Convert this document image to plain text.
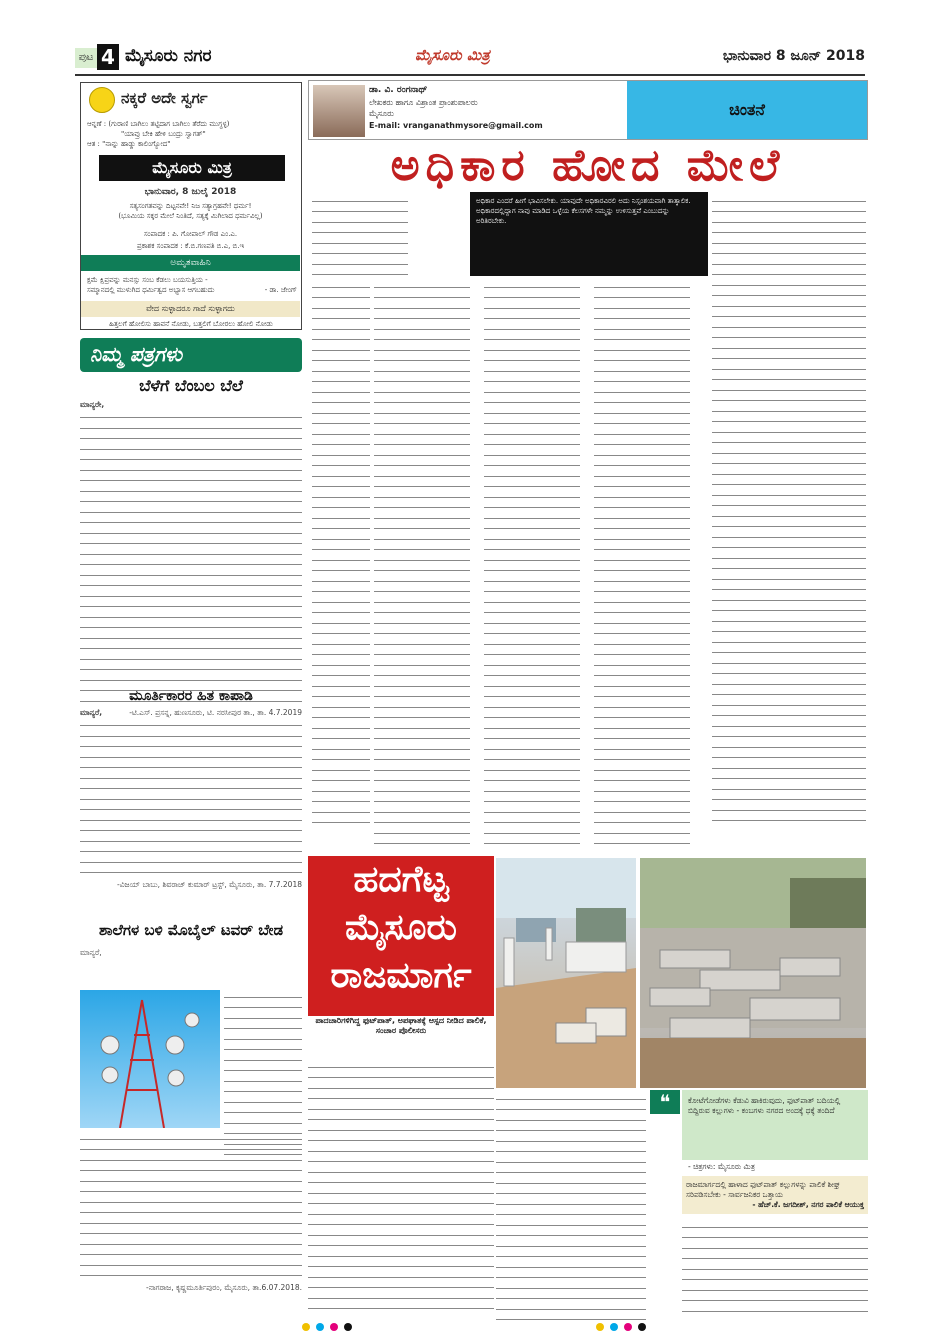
ಪುಟ 4 ಮೈಸೂರು ನಗರ	ಮೈಸೂರು ಮಿತ್ರ	ಭಾನುವಾರ 8 ಜೂನ್ 2018
ನಕ್ಕರೆ ಅದೇ ಸ್ವರ್ಗ
ಆನ್ನಣೆ : (ಗುರಾಣಿ ಬಾಗಿಲು ತಟ್ಟಿದಾಗ ಬಾಗಿಲು ತೆರೆದು ಮುಗ್ಧಳ್ಳ)
"ಯಾವ್ರು ಬೇಕಿ ಹೇಳಿ ಬಂದ್ರು ಸ್ವಾಗತ್"
ಆತ : "ನಾನ್ನು ಹಾಡ್ಡು ಕಾಲಿಂಗ್ಯೋದ"
ಮೈಸೂರು ಮಿತ್ರ
ಭಾನುವಾರ, 8 ಜುಲೈ 2018
ಸತ್ಯಸಂಗತವನ್ನು ದಿಟ್ಟನವೇ! ನಿಜ ಸತ್ಯಾಗ್ರಹವೇ! ಧರ್ಮ!
(ಭೂಮಿಯ ಸಕ್ಕರ ಮೇಲೆ ನಿಂತಿದೆ, ಸತ್ಯಕ್ಕೆ ಮಿಗಿಲಾದ ಧರ್ಮವಿಲ್ಲ)
ಸಂಪಾದಕ : ಪಿ. ಗೋಪಾಲ್ ಗೌಡ ಎಂ.ಎ.
ಪ್ರಕಾಶಕ ಸಂಪಾದಕ : ಕೆ.ಬಿ.ಗಣಪತಿ ಬಿ.ಎ, ಬಿ.ಇ
ಅಮೃತವಾಹಿನಿ
ಕ್ಷಮೆ ಕ್ಷಿಪ್ರವನ್ನು ಮನಸ್ಸು ಸಂಬ ಕೆಡಲು ಬಯಸುತ್ತಿಯ - ಸಮ್ಮಾನದಲ್ಲಿ ಮುಳುಗಿದ ಧರ್ಮಿತ್ವದ ಅಭ್ಯಾಸ ಆಗಬಹುದು	- ಡಾ. ಜೇಂಗ್
ವೇದ ಸುಳ್ಳಾದರೂ ಗಾದೆ ಸುಳ್ಳಾಗದು
ಹಿತ್ತಲಗೆ ಹೋಲಿಸು ಹಾವನೆ ನೋಡು, ಬತ್ತಲಿಗೆ ಬೋರಲು ಹೋಲಿ ನೋಡು
ನಿಮ್ಮ ಪತ್ರಗಳು
ಬೆಳೆಗೆ ಬೆಂಬಲ ಬೆಲೆ
ಮಾನ್ಯರೇ,
-ಟಿ.ಎಸ್. ಪ್ರಸನ್ನ, ಹುಣಸೂರು, ಟಿ. ನರಸೀಪುರ ತಾ., ತಾ. 4.7.2019
ಮೂರ್ತಿಕಾರರ ಹಿತ ಕಾಪಾಡಿ
ಮಾನ್ಯರೆ,
-ವಿಜಯ್ ಬಾಬು, ಶಿವರಾಜ್ ಕುಮಾರ್ ಟ್ರಸ್ಟ್, ಮೈಸೂರು, ತಾ. 7.7.2018
ಶಾಲೆಗಳ ಬಳಿ ಮೊಬೈಲ್ ಟವರ್ ಬೇಡ
ಮಾನ್ಯರೆ,
-ನಾಗರಾಜ, ಕೃಷ್ಣಮೂರ್ತಿಪುರಂ, ಮೈಸೂರು, ತಾ.6.07.2018.
ಡಾ. ವಿ. ರಂಗನಾಥ್
ಲೇಖಕರು ಹಾಗೂ ವಿಶ್ರಾಂತ ಪ್ರಾಂಶುಪಾಲರು
ಮೈಸೂರು
E-mail: vranganathmysore@gmail.com
ಚಿಂತನೆ
ಅಧಿಕಾರ ಹೋದ ಮೇಲೆ
ಅಧಿಕಾರ ಎಂದರೆ ಹೀಗೆ ಭಾವಿಸಲೇಕು. ಯಾವುದೇ ಅಧಿಕಾರವಿರಲಿ ಅದು ನಿಸ್ಸಂಶಯವಾಗಿ ತಾತ್ಕಾಲಿಕ. ಅಧಿಕಾರದಲ್ಲಿದ್ದಾಗ ನಾವು ಮಾಡಿದ ಒಳ್ಳೆಯ ಕೆಲಸಗಳೇ ನಮ್ಮನ್ನು ಉಳಿಸುತ್ತವೆ ಎಂಬುದನ್ನು ಅರಿತಿರಬೇಕು.
ಹದಗೆಟ್ಟ ಮೈಸೂರು ರಾಜಮಾರ್ಗ
ಪಾದಚಾರಿಗಳಿಗಿದ್ದ ಫುಟ್‌ಪಾತ್, ಅಪಘಾತಕ್ಕೆ ಆಸ್ಪದ ನೀಡಿದ ಪಾಲಿಕೆ, ಸಂಚಾರ ಪೊಲೀಸರು
❝	ಕೋಟೆಗೋಡೆಗಳು ಕೆಡುವಿ ಹಾಕಿರುವುದು, ಫುಟ್‌ಪಾತ್ ಬದಿಯಲ್ಲಿ ಬಿದ್ದಿರುವ ಕಲ್ಲುಗಳು - ಕಂಬಗಳು ನಗರದ ಅಂದಕ್ಕೆ ಧಕ್ಕೆ ತಂದಿದೆ
- ಚಿತ್ರಗಳು: ಮೈಸೂರು ಮಿತ್ರ
ರಾಜಮಾರ್ಗದಲ್ಲಿ ಹಾಳಾದ ಫುಟ್‌ಪಾತ್ ಕಲ್ಲುಗಳನ್ನು ಪಾಲಿಕೆ ಶೀಘ್ರ ಸರಿಪಡಿಸಬೇಕು - ಸಾರ್ವಜನಿಕರ ಒತ್ತಾಯ
- ಹೆಚ್.ಕೆ. ಜಗದೀಶ್, ನಗರ ಪಾಲಿಕೆ ಆಯುಕ್ತ
